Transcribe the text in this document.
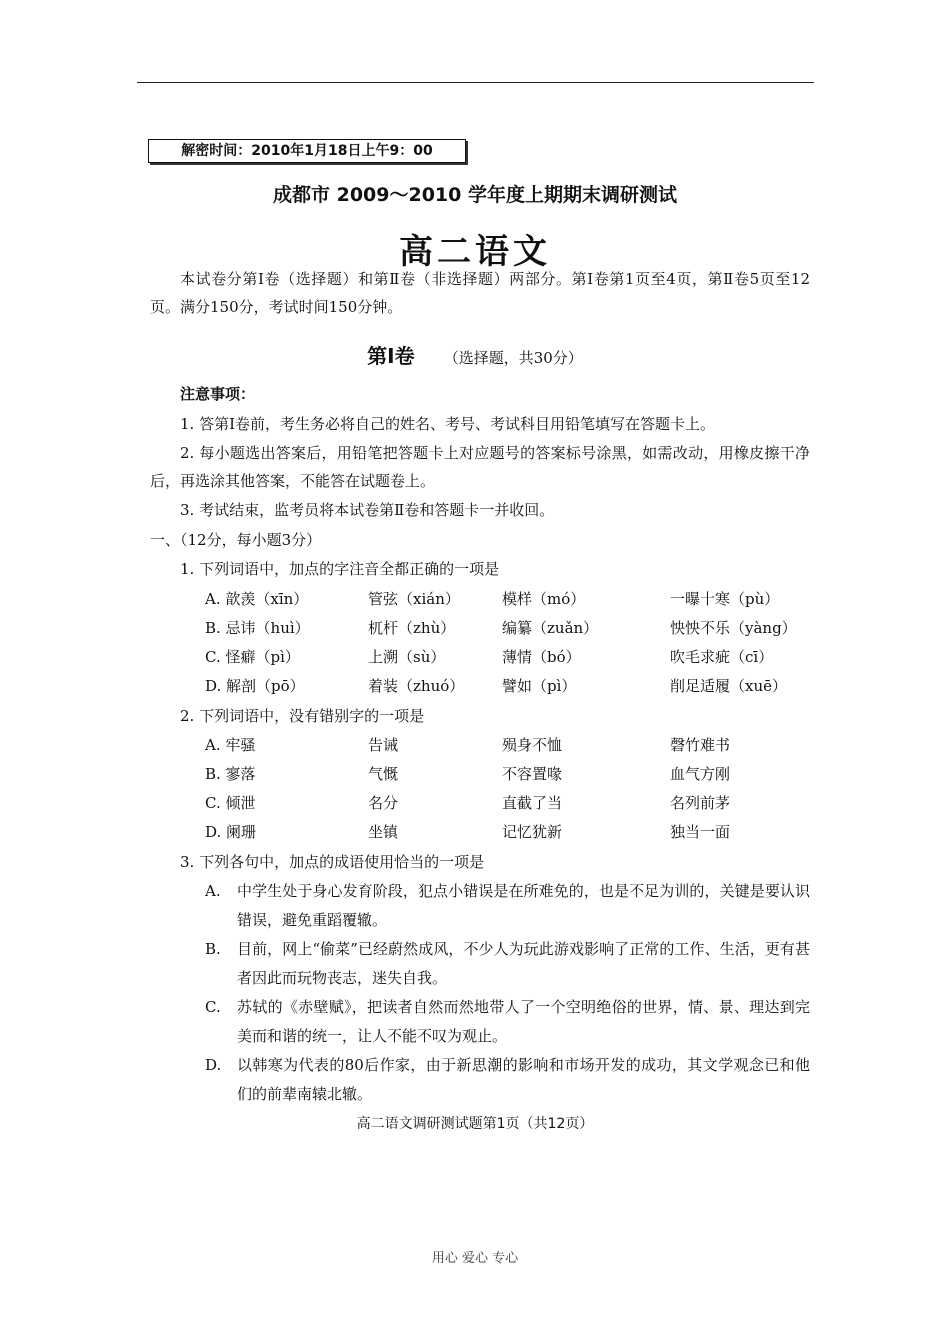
解密时间：2010年1月18日上午9：00
成都市 2009～2010 学年度上期期末调研测试
高二语文
本试卷分第Ⅰ卷（选择题）和第Ⅱ卷（非选择题）两部分。第Ⅰ卷第1页至4页，第Ⅱ卷5页至12页。满分150分，考试时间150分钟。
第Ⅰ卷 （选择题，共30分）
注意事项：
1. 答第Ⅰ卷前，考生务必将自己的姓名、考号、考试科目用铅笔填写在答题卡上。
2. 每小题选出答案后，用铅笔把答题卡上对应题号的答案标号涂黑，如需改动，用橡皮擦干净后，再选涂其他答案，不能答在试题卷上。
3. 考试结束，监考员将本试卷第Ⅱ卷和答题卡一并收回。
一、（12分，每小题3分）
1. 下列词语中，加点的字注音全都正确的一项是
A. 歆羡（xīn）	管弦（xián）	模样（mó）	一曝十寒（pù）
B. 忌讳（huì）	杌杆（zhù）	编纂（zuǎn）	怏怏不乐（yàng）
C. 怪癖（pì）	上溯（sù）	薄情（bó）	吹毛求疵（cī）
D. 解剖（pō）	着装（zhuó）	譬如（pì）	削足适履（xuē）
2. 下列词语中，没有错别字的一项是
A. 牢骚	告诫	殒身不恤	磬竹难书
B. 寥落	气慨	不容置喙	血气方刚
C. 倾泄	名分	直截了当	名列前茅
D. 阑珊	坐镇	记忆犹新	独当一面
3. 下列各句中，加点的成语使用恰当的一项是
A. 中学生处于身心发育阶段，犯点小错误是在所难免的，也是不足为训的，关键是要认识错误，避免重蹈覆辙。
B. 目前，网上“偷菜”已经蔚然成风，不少人为玩此游戏影响了正常的工作、生活，更有甚者因此而玩物丧志，迷失自我。
C. 苏轼的《赤壁赋》，把读者自然而然地带人了一个空明绝俗的世界，情、景、理达到完美而和谐的统一，让人不能不叹为观止。
D. 以韩寒为代表的80后作家，由于新思潮的影响和市场开发的成功，其文学观念已和他们的前辈南辕北辙。
高二语文调研测试题第1页（共12页）
用心 爱心 专心
